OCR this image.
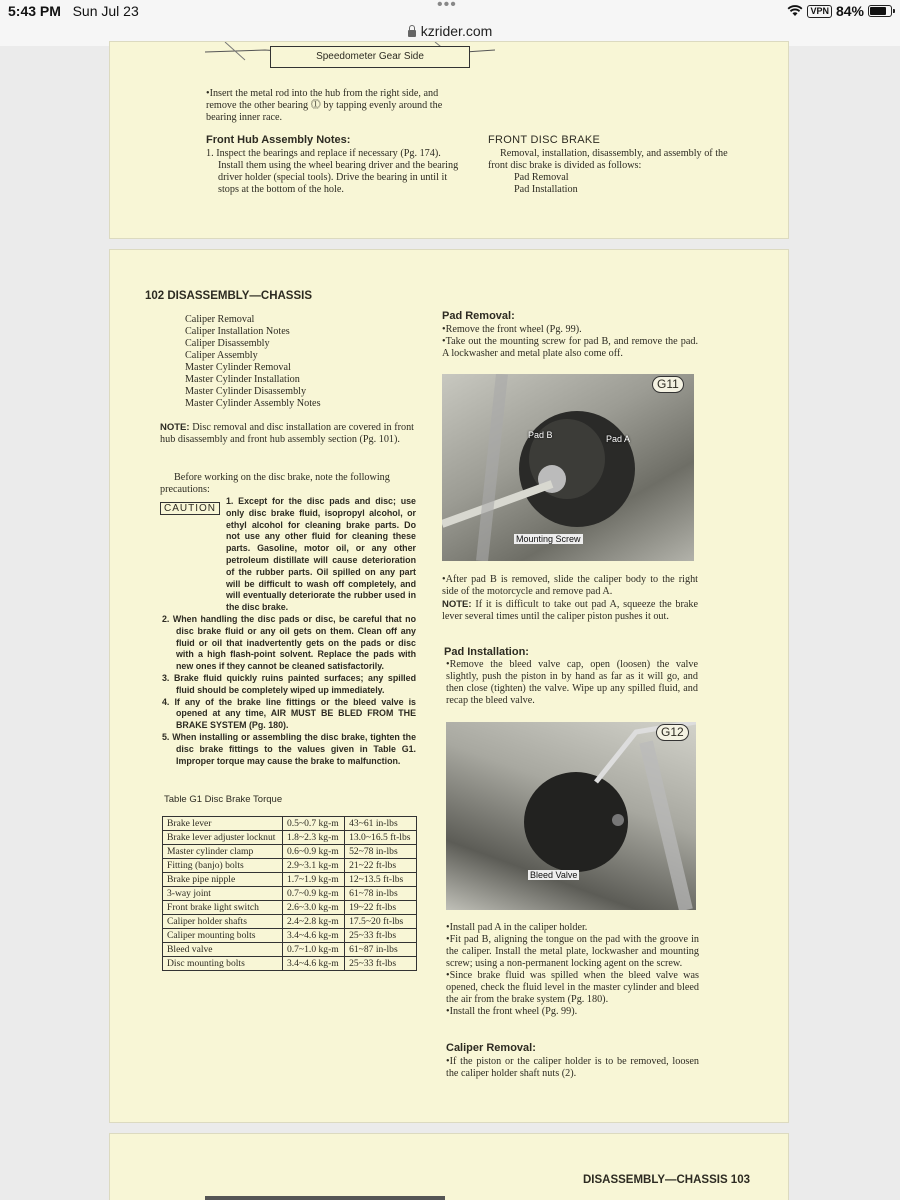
5:43 PM Sun Jul 23	•••	VPN 84%
kzrider.com
Speedometer Gear Side
•Insert the metal rod into the hub from the right side, and remove the other bearing ⓵ by tapping evenly around the bearing inner race.
Front Hub Assembly Notes:
1. Inspect the bearings and replace if necessary (Pg. 174). Install them using the wheel bearing driver and the bearing driver holder (special tools). Drive the bearing in until it stops at the bottom of the hole.
FRONT DISC BRAKE
Removal, installation, disassembly, and assembly of the front disc brake is divided as follows:
Pad Removal
Pad Installation
102 DISASSEMBLY—CHASSIS
Caliper Removal
Caliper Installation Notes
Caliper Disassembly
Caliper Assembly
Master Cylinder Removal
Master Cylinder Installation
Master Cylinder Disassembly
Master Cylinder Assembly Notes
NOTE: Disc removal and disc installation are covered in front hub disassembly and front hub assembly section (Pg. 101).
Before working on the disc brake, note the following precautions:
CAUTION
1. Except for the disc pads and disc; use only disc brake fluid, isopropyl alcohol, or ethyl alcohol for cleaning brake parts. Do not use any other fluid for cleaning these parts. Gasoline, motor oil, or any other petroleum distillate will cause deterioration of the rubber parts. Oil spilled on any part will be difficult to wash off completely, and will eventually deteriorate the rubber used in the disc brake.
2. When handling the disc pads or disc, be careful that no disc brake fluid or any oil gets on them. Clean off any fluid or oil that inadvertently gets on the pads or disc with a high flash-point solvent. Replace the pads with new ones if they cannot be cleaned satisfactorily.
3. Brake fluid quickly ruins painted surfaces; any spilled fluid should be completely wiped up immediately.
4. If any of the brake line fittings or the bleed valve is opened at any time, AIR MUST BE BLED FROM THE BRAKE SYSTEM (Pg. 180).
5. When installing or assembling the disc brake, tighten the disc brake fittings to the values given in Table G1. Improper torque may cause the brake to malfunction.
Table G1 Disc Brake Torque
Brake lever	0.5~0.7 kg-m	43~61 in-lbs
Brake lever adjuster locknut	1.8~2.3 kg-m	13.0~16.5 ft-lbs
Master cylinder clamp	0.6~0.9 kg-m	52~78 in-lbs
Fitting (banjo) bolts	2.9~3.1 kg-m	21~22 ft-lbs
Brake pipe nipple	1.7~1.9 kg-m	12~13.5 ft-lbs
3-way joint	0.7~0.9 kg-m	61~78 in-lbs
Front brake light switch	2.6~3.0 kg-m	19~22 ft-lbs
Caliper holder shafts	2.4~2.8 kg-m	17.5~20 ft-lbs
Caliper mounting bolts	3.4~4.6 kg-m	25~33 ft-lbs
Bleed valve	0.7~1.0 kg-m	61~87 in-lbs
Disc mounting bolts	3.4~4.6 kg-m	25~33 ft-lbs
Pad Removal:
•Remove the front wheel (Pg. 99).
•Take out the mounting screw for pad B, and remove the pad. A lockwasher and metal plate also come off.
G11
Pad B	Pad A
Mounting Screw
•After pad B is removed, slide the caliper body to the right side of the motorcycle and remove pad A.
NOTE: If it is difficult to take out pad A, squeeze the brake lever several times until the caliper piston pushes it out.
Pad Installation:
•Remove the bleed valve cap, open (loosen) the valve slightly, push the piston in by hand as far as it will go, and then close (tighten) the valve. Wipe up any spilled fluid, and recap the bleed valve.
G12
Bleed Valve
•Install pad A in the caliper holder.
•Fit pad B, aligning the tongue on the pad with the groove in the caliper. Install the metal plate, lockwasher and mounting screw; using a non-permanent locking agent on the screw.
•Since brake fluid was spilled when the bleed valve was opened, check the fluid level in the master cylinder and bleed the air from the brake system (Pg. 180).
•Install the front wheel (Pg. 99).
Caliper Removal:
•If the piston or the caliper holder is to be removed, loosen the caliper holder shaft nuts (2).
DISASSEMBLY—CHASSIS 103
